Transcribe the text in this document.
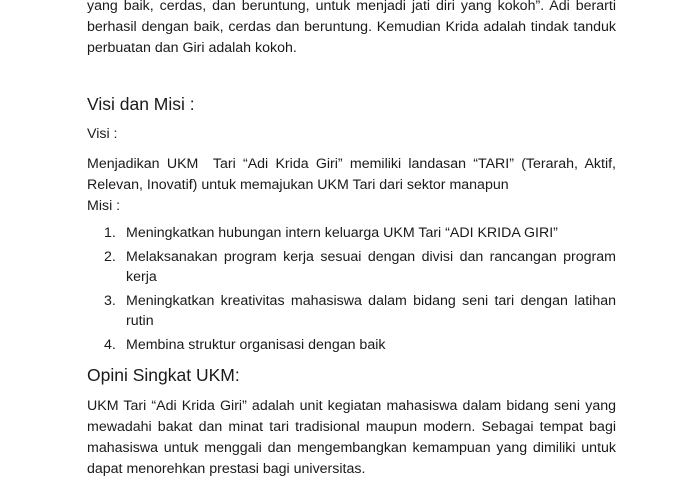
yang baik, cerdas, dan beruntung, untuk menjadi jati diri yang kokoh”. Adi berarti
berhasil dengan baik, cerdas dan beruntung. Kemudian Krida adalah tindak tanduk
perbuatan dan Giri adalah kokoh.

Visi dan Misi :

Visi :

Menjadikan UKM  Tari “Adi Krida Giri” memiliki landasan “TARI” (Terarah, Aktif,
Relevan, Inovatif) untuk memajukan UKM Tari dari sektor manapun

Misi :

1. Meningkatkan hubungan intern keluarga UKM Tari “ADI KRIDA GIRI”
2. Melaksanakan program kerja sesuai dengan divisi dan rancangan program
kerja
3. Meningkatkan kreativitas mahasiswa dalam bidang seni tari dengan latihan
rutin
4. Membina struktur organisasi dengan baik
Opini Singkat UKM:

UKM Tari “Adi Krida Giri” adalah unit kegiatan mahasiswa dalam bidang seni yang
mewadahi bakat dan minat tari tradisional maupun modern. Sebagai tempat bagi
mahasiswa untuk menggali dan mengembangkan kemampuan yang dimiliki untuk
dapat menorehkan prestasi bagi universitas.
